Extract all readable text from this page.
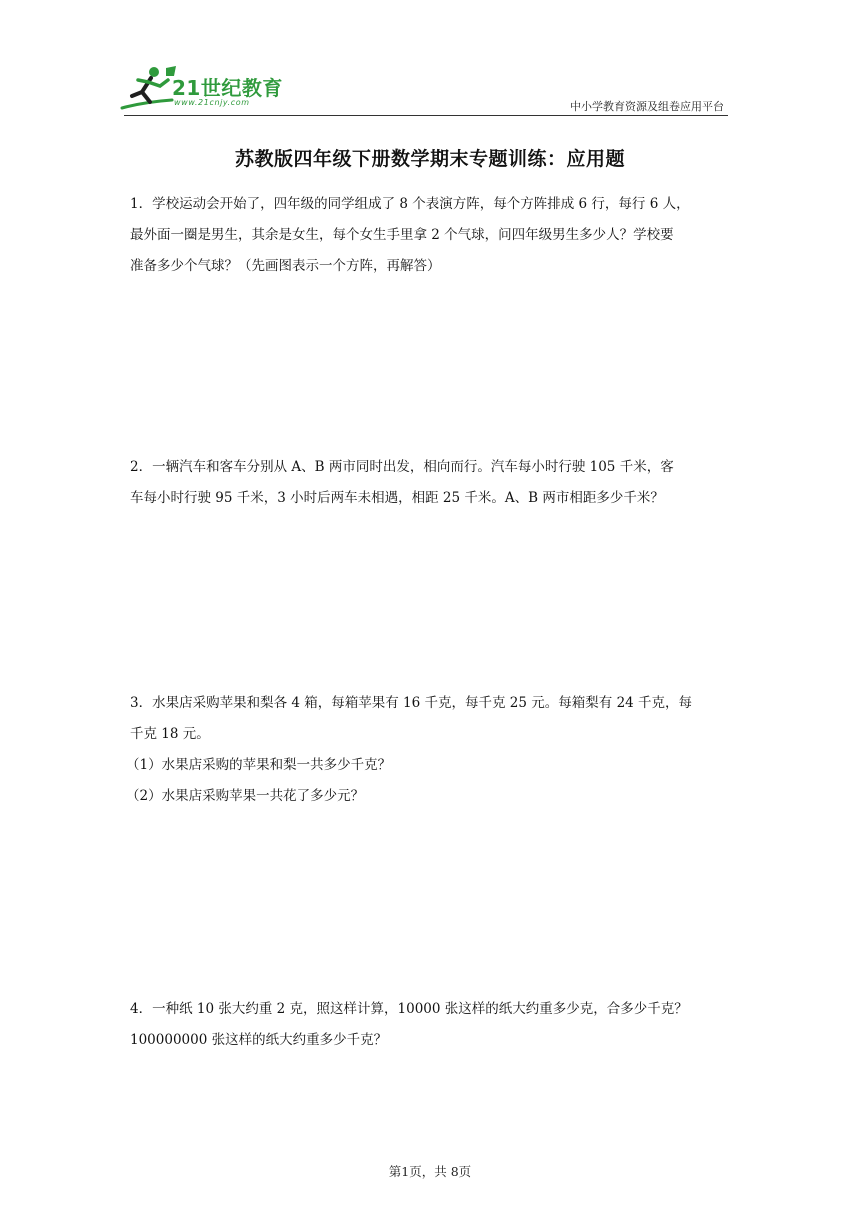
21世纪教育
www.21cnjy.com	中小学教育资源及组卷应用平台
苏教版四年级下册数学期末专题训练：应用题

1．学校运动会开始了，四年级的同学组成了 8 个表演方阵，每个方阵排成 6 行，每行 6 人，

最外面一圈是男生，其余是女生，每个女生手里拿 2 个气球，问四年级男生多少人？学校要

准备多少个气球？（先画图表示一个方阵，再解答）

2．一辆汽车和客车分别从 A、B 两市同时出发，相向而行。汽车每小时行驶 105 千米，客

车每小时行驶 95 千米，3 小时后两车未相遇，相距 25 千米。A、B 两市相距多少千米？

3．水果店采购苹果和梨各 4 箱，每箱苹果有 16 千克，每千克 25 元。每箱梨有 24 千克，每

千克 18 元。

（1）水果店采购的苹果和梨一共多少千克？

（2）水果店采购苹果一共花了多少元？

4．一种纸 10 张大约重 2 克，照这样计算，10000 张这样的纸大约重多少克，合多少千克？

100000000 张这样的纸大约重多少千克？

第1页，共 8页
